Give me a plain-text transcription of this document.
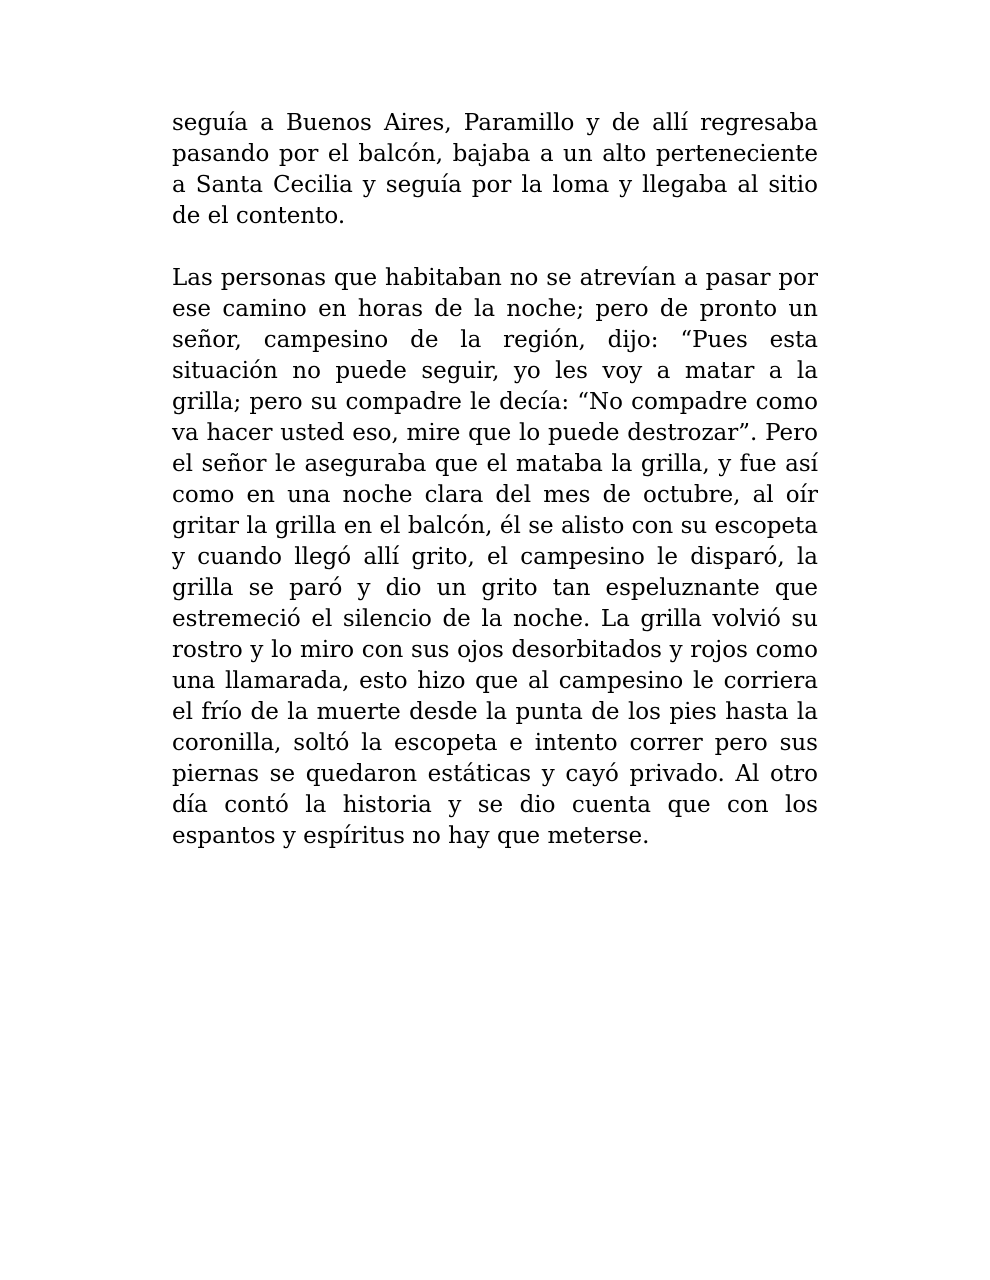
seguía a Buenos Aires, Paramillo y de allí regresaba pasando por el balcón, bajaba a un alto perteneciente a Santa Cecilia y seguía por la loma y llegaba al sitio de el contento.

Las personas que habitaban no se atrevían a pasar por ese camino en horas de la noche; pero de pronto un señor, campesino de la región, dijo: “Pues esta situación no puede seguir, yo les voy a matar a la grilla; pero su compadre le decía: “No compadre como va hacer usted eso, mire que lo puede destrozar”. Pero el señor le aseguraba que el mataba la grilla, y fue así como en una noche clara del mes de octubre, al oír gritar la grilla en el balcón, él se alisto con su escopeta y cuando llegó allí grito, el campesino le disparó, la grilla se paró y dio un grito tan espeluznante que estremeció el silencio de la noche. La grilla volvió su rostro y lo miro con sus ojos desorbitados y rojos como una llamarada, esto hizo que al campesino le corriera el frío de la muerte desde la punta de los pies hasta la coronilla, soltó la escopeta e intento correr pero sus piernas se quedaron estáticas y cayó privado. Al otro día contó la historia y se dio cuenta que con los espantos y espíritus no hay que meterse.
